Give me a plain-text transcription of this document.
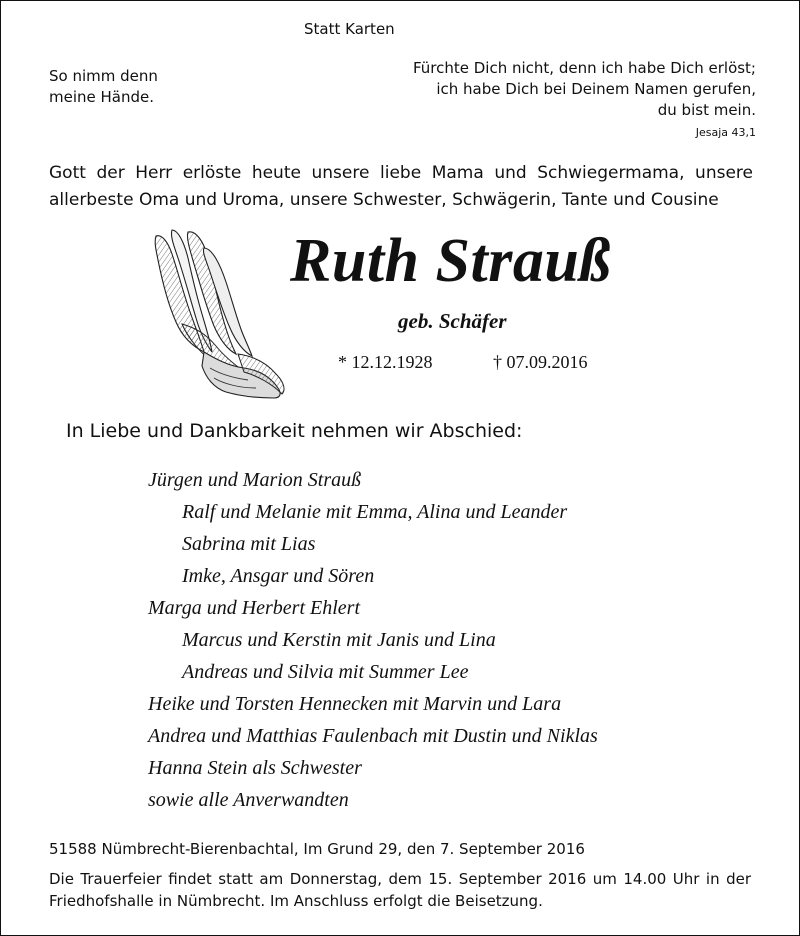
Statt Karten
So nimm denn
meine Hände.
Fürchte Dich nicht, denn ich habe Dich erlöst;
ich habe Dich bei Deinem Namen gerufen,
du bist mein.
Jesaja 43,1
Gott der Herr erlöste heute unsere liebe Mama und Schwiegermama, unsere
allerbeste Oma und Uroma, unsere Schwester, Schwägerin, Tante und Cousine
Ruth Strauß
geb. Schäfer
* 12.12.1928	† 07.09.2016
In Liebe und Dankbarkeit nehmen wir Abschied:
Jürgen und Marion Strauß
Ralf und Melanie mit Emma, Alina und Leander
Sabrina mit Lias
Imke, Ansgar und Sören
Marga und Herbert Ehlert
Marcus und Kerstin mit Janis und Lina
Andreas und Silvia mit Summer Lee
Heike und Torsten Hennecken mit Marvin und Lara
Andrea und Matthias Faulenbach mit Dustin und Niklas
Hanna Stein als Schwester
sowie alle Anverwandten
51588 Nümbrecht-Bierenbachtal, Im Grund 29, den 7. September 2016
Die Trauerfeier findet statt am Donnerstag, dem 15. September 2016 um 14.00 Uhr in der
Friedhofshalle in Nümbrecht. Im Anschluss erfolgt die Beisetzung.
